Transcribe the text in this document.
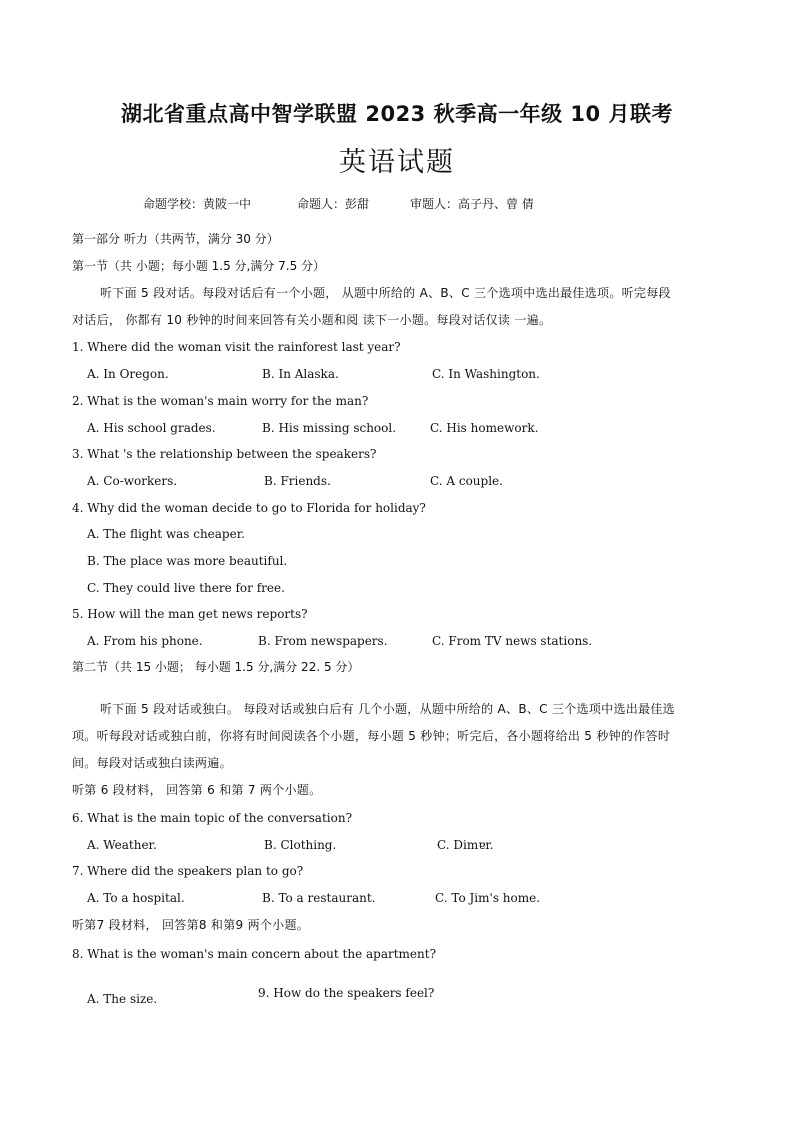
湖北省重点高中智学联盟 2023 秋季高一年级 10 月联考
英语试题
命题学校：黄陂一中	命题人：彭甜	审题人：高子丹、曾 倩
第一部分 听力（共两节，满分 30 分）
第一节（共 小题；每小题 1.5 分,满分 7.5 分）
听下面 5 段对话。每段对话后有一个小题， 从题中所给的 A、B、C 三个选项中选出最佳选项。听完每段
对话后， 你都有 10 秒钟的时间来回答有关小题和阅 读下一小题。每段对话仅读 一遍。
1. Where did the woman visit the rainforest last year?
A. In Oregon.	B. In Alaska.	C. In Washington.
2. What is the woman's main worry for the man?
A. His school grades.	B. His missing school.	C. His homework.
3. What 's the relationship between the speakers?
A. Co-workers.	B. Friends.	C. A couple.
4. Why did the woman decide to go to Florida for holiday?
A. The flight was cheaper.
B. The place was more beautiful.
C. They could live there for free.
5. How will the man get news reports?
A. From his phone.	B. From newspapers.	C. From TV news stations.
第二节（共 15 小题； 每小题 1.5 分,满分 22. 5 分）
听下面 5 段对话或独白。 每段对话或独白后有 几个小题，从题中所给的 A、B、C 三个选项中选出最佳选
项。听每段对话或独白前，你将有时间阅读各个小题，每小题 5 秒钟；听完后，各小题将给出 5 秒钟的作答时
间。每段对话或独白读两遍。
听第 6 段材料， 回答第 6 和第 7 两个小题。
6. What is the main topic of the conversation?
A. Weather.	B. Clothing.	C. Dimɐr.
7. Where did the speakers plan to go?
A. To a hospital.	B. To a restaurant.	C. To Jim's home.
听第7 段材料， 回答第8 和第9 两个小题。
8. What is the woman's main concern about the apartment?
A. The size.	9. How do the speakers feel?
